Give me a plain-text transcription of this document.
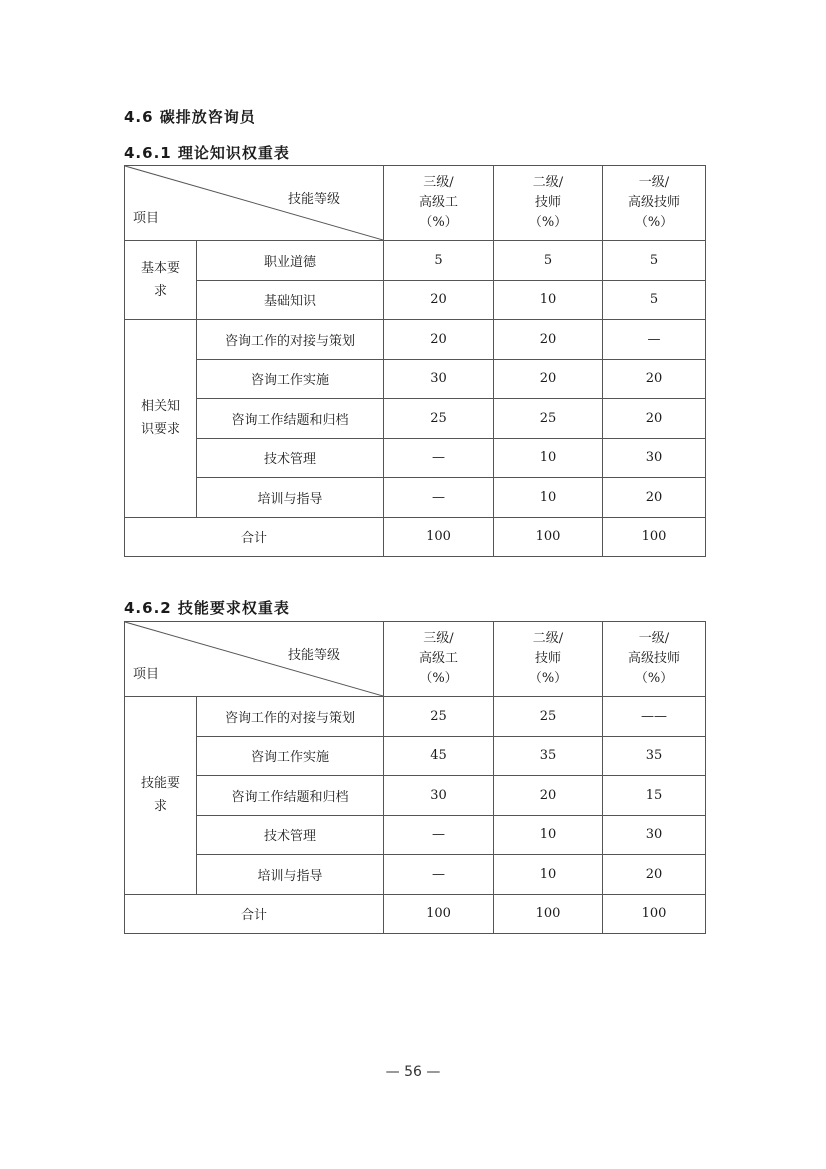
4.6 碳排放咨询员
4.6.1 理论知识权重表
技能等级
项目		三级/
高级工
（%）	二级/
技师
（%）	一级/
高级技师
（%）
基本要
求	职业道德	5	5	5
	基础知识	20	10	5
相关知
识要求	咨询工作的对接与策划	20	20	—
	咨询工作实施	30	20	20
	咨询工作结题和归档	25	25	20
	技术管理	—	10	30
	培训与指导	—	10	20
合计		100	100	100
4.6.2 技能要求权重表
技能等级
项目		三级/
高级工
（%）	二级/
技师
（%）	一级/
高级技师
（%）
技能要
求	咨询工作的对接与策划	25	25	——
	咨询工作实施	45	35	35
	咨询工作结题和归档	30	20	15
	技术管理	—	10	30
	培训与指导	—	10	20
合计		100	100	100
— 56 —
